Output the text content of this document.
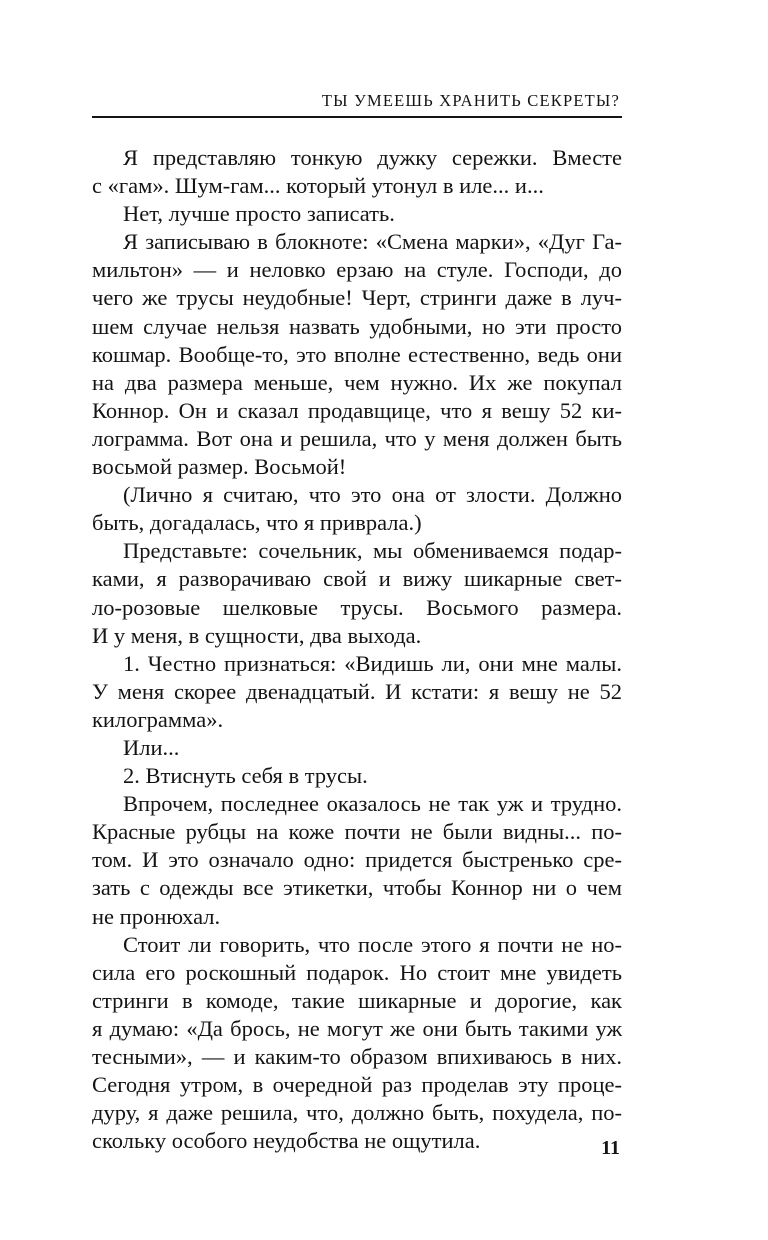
ТЫ УМЕЕШЬ ХРАНИТЬ СЕКРЕТЫ?
Я представляю тонкую дужку сережки. Вместе
с «гам». Шум-гам... который утонул в иле... и...
Нет, лучше просто записать.
Я записываю в блокноте: «Смена марки», «Дуг Га-
мильтон» — и неловко ерзаю на стуле. Господи, до
чего же трусы неудобные! Черт, стринги даже в луч-
шем случае нельзя назвать удобными, но эти просто
кошмар. Вообще-то, это вполне естественно, ведь они
на два размера меньше, чем нужно. Их же покупал
Коннор. Он и сказал продавщице, что я вешу 52 ки-
лограмма. Вот она и решила, что у меня должен быть
восьмой размер. Восьмой!
(Лично я считаю, что это она от злости. Должно
быть, догадалась, что я приврала.)
Представьте: сочельник, мы обмениваемся подар-
ками, я разворачиваю свой и вижу шикарные свет-
ло-розовые шелковые трусы. Восьмого размера.
И у меня, в сущности, два выхода.
1. Честно признаться: «Видишь ли, они мне малы.
У меня скорее двенадцатый. И кстати: я вешу не 52
килограмма».
Или...
2. Втиснуть себя в трусы.
Впрочем, последнее оказалось не так уж и трудно.
Красные рубцы на коже почти не были видны... по-
том. И это означало одно: придется быстренько сре-
зать с одежды все этикетки, чтобы Коннор ни о чем
не пронюхал.
Стоит ли говорить, что после этого я почти не но-
сила его роскошный подарок. Но стоит мне увидеть
стринги в комоде, такие шикарные и дорогие, как
я думаю: «Да брось, не могут же они быть такими уж
тесными», — и каким-то образом впихиваюсь в них.
Сегодня утром, в очередной раз проделав эту проце-
дуру, я даже решила, что, должно быть, похудела, по-
скольку особого неудобства не ощутила.	11
